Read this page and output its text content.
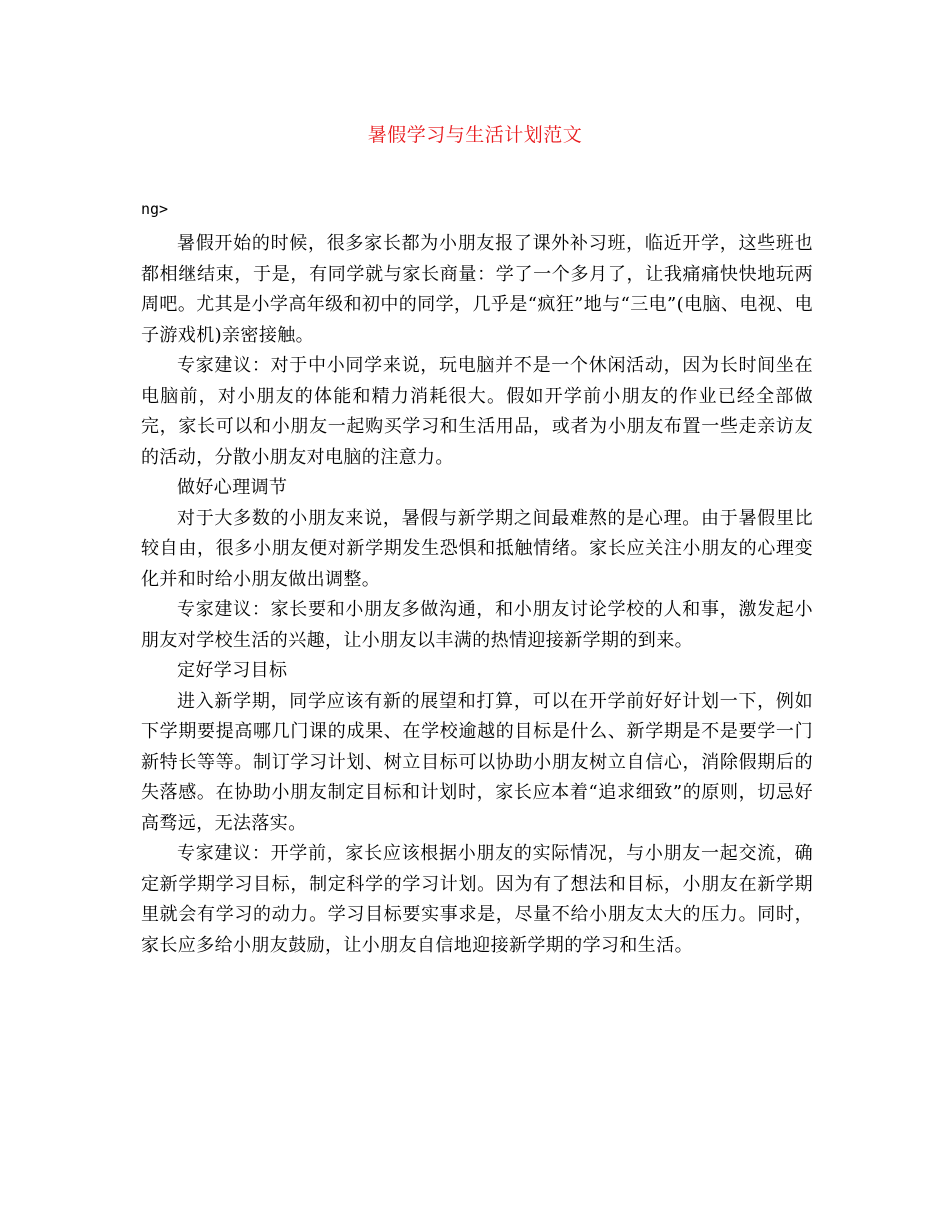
暑假学习与生活计划范文
ng>

暑假开始的时候，很多家长都为小朋友报了课外补习班，临近开学，这些班也都相继结束，于是，有同学就与家长商量：学了一个多月了，让我痛痛快快地玩两周吧。尤其是小学高年级和初中的同学，几乎是“疯狂”地与“三电”(电脑、电视、电子游戏机)亲密接触。

专家建议：对于中小同学来说，玩电脑并不是一个休闲活动，因为长时间坐在电脑前，对小朋友的体能和精力消耗很大。假如开学前小朋友的作业已经全部做完，家长可以和小朋友一起购买学习和生活用品，或者为小朋友布置一些走亲访友的活动，分散小朋友对电脑的注意力。

做好心理调节

对于大多数的小朋友来说，暑假与新学期之间最难熬的是心理。由于暑假里比较自由，很多小朋友便对新学期发生恐惧和抵触情绪。家长应关注小朋友的心理变化并和时给小朋友做出调整。

专家建议：家长要和小朋友多做沟通，和小朋友讨论学校的人和事，激发起小朋友对学校生活的兴趣，让小朋友以丰满的热情迎接新学期的到来。

定好学习目标

进入新学期，同学应该有新的展望和打算，可以在开学前好好计划一下，例如下学期要提高哪几门课的成果、在学校逾越的目标是什么、新学期是不是要学一门新特长等等。制订学习计划、树立目标可以协助小朋友树立自信心，消除假期后的失落感。在协助小朋友制定目标和计划时，家长应本着“追求细致”的原则，切忌好高骛远，无法落实。

专家建议：开学前，家长应该根据小朋友的实际情况，与小朋友一起交流，确定新学期学习目标，制定科学的学习计划。因为有了想法和目标，小朋友在新学期里就会有学习的动力。学习目标要实事求是，尽量不给小朋友太大的压力。同时，家长应多给小朋友鼓励，让小朋友自信地迎接新学期的学习和生活。
